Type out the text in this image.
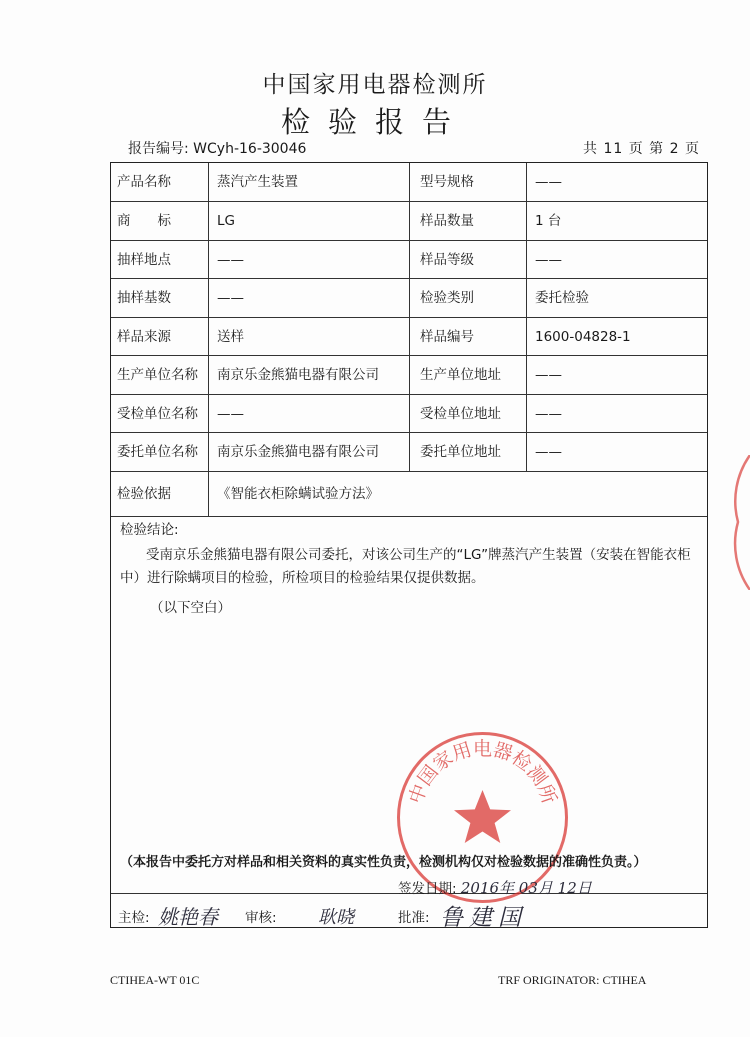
中国家用电器检测所
检验报告
报告编号: WCyh-16-30046	共 11 页 第 2 页
产品名称	蒸汽产生装置	型号规格	——
商　　标	LG	样品数量	1 台
抽样地点	——	样品等级	——
抽样基数	——	检验类别	委托检验
样品来源	送样	样品编号	1600-04828-1
生产单位名称 南京乐金熊猫电器有限公司	生产单位地址	——
受检单位名称 ——	受检单位地址	——
委托单位名称 南京乐金熊猫电器有限公司	委托单位地址	——
检验依据	《智能衣柜除螨试验方法》
检验结论:
受南京乐金熊猫电器有限公司委托，对该公司生产的“LG”牌蒸汽产生装置（安装在智能衣柜中）进行除螨项目的检验，所检项目的检验结果仅提供数据。
（以下空白）
中国家用电器检测所
（本报告中委托方对样品和相关资料的真实性负责，检测机构仅对检验数据的准确性负责。）
签发日期: 2016年 03月 12日
主检: 姚艳春 审核: 耿晓	批准: 鲁建国
CTIHEA-WT 01C	TRF ORIGINATOR: CTIHEA
